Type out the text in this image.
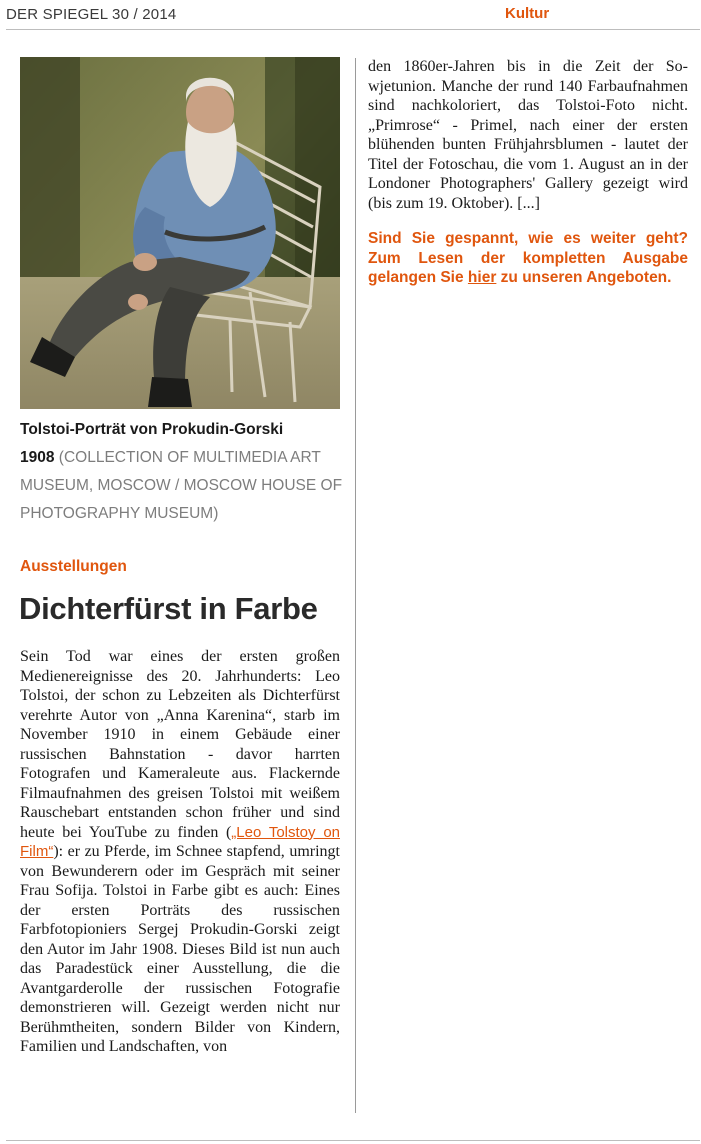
DER SPIEGEL 30 / 2014	Kultur
Tolstoi-Porträt von Prokudin-Gorski
1908 (COLLECTION OF MULTIMEDIA ART MUSEUM, MOSCOW / MOSCOW HOUSE OF PHOTOGRAPHY MUSEUM)
Ausstellungen
Dichterfürst in Farbe
Sein Tod war eines der ersten großen Medienereignisse des 20. Jahrhunderts: Leo Tolstoi, der schon zu Lebzeiten als Dichterfürst verehrte Autor von „Anna Karenina“, starb im November 1910 in einem Gebäude einer russischen Bahnstation - davor harrten Fotografen und Kameraleute aus. Flackernde Filmaufnahmen des greisen Tolstoi mit weißem Rauschebart entstanden schon früher und sind heute bei YouTube zu finden („Leo Tolstoy on Film“): er zu Pferde, im Schnee stapfend, umringt von Bewunderern oder im Gespräch mit seiner Frau Sofija. Tolstoi in Farbe gibt es auch: Eines der ersten Porträts des russischen Farbfotopioniers Sergej Prokudin-Gorski zeigt den Autor im Jahr 1908. Dieses Bild ist nun auch das Paradestück einer Ausstellung, die die Avantgarderolle der russischen Fotografie demonstrieren will. Gezeigt werden nicht nur Berühmtheiten, sondern Bilder von Kindern, Familien und Landschaften, von
den 1860er-Jahren bis in die Zeit der Sowjetunion. Manche der rund 140 Farbaufnahmen sind nachkoloriert, das Tolstoi-Foto nicht. „Primrose“ - Primel, nach einer der ersten blühenden bunten Frühjahrsblumen - lautet der Titel der Fotoschau, die vom 1. August an in der Londoner Photographers' Gallery gezeigt wird (bis zum 19. Oktober). [...]
Sind Sie gespannt, wie es weiter geht? Zum Lesen der kompletten Ausgabe gelangen Sie hier zu unseren Angeboten.
